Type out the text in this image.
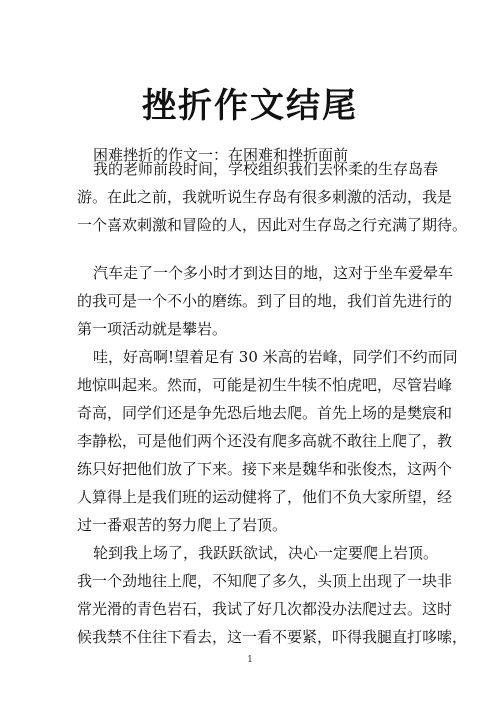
挫折作文结尾
困难挫折的作文一：在困难和挫折面前
我的老师前段时间，学校组织我们去怀柔的生存岛春
游。在此之前，我就听说生存岛有很多刺激的活动，我是
一个喜欢刺激和冒险的人，因此对生存岛之行充满了期待。
汽车走了一个多小时才到达目的地，这对于坐车爱晕车
的我可是一个不小的磨练。到了目的地，我们首先进行的
第一项活动就是攀岩。
哇，好高啊!望着足有 30 米高的岩峰，同学们不约而同
地惊叫起来。然而，可能是初生牛犊不怕虎吧，尽管岩峰
奇高，同学们还是争先恐后地去爬。首先上场的是樊宸和
李静松，可是他们两个还没有爬多高就不敢往上爬了，教
练只好把他们放了下来。接下来是魏华和张俊杰，这两个
人算得上是我们班的运动健将了，他们不负大家所望，经
过一番艰苦的努力爬上了岩顶。
轮到我上场了，我跃跃欲试，决心一定要爬上岩顶。
我一个劲地往上爬，不知爬了多久，头顶上出现了一块非
常光滑的青色岩石，我试了好几次都没办法爬过去。这时
候我禁不住往下看去，这一看不要紧，吓得我腿直打哆嗦，
1
